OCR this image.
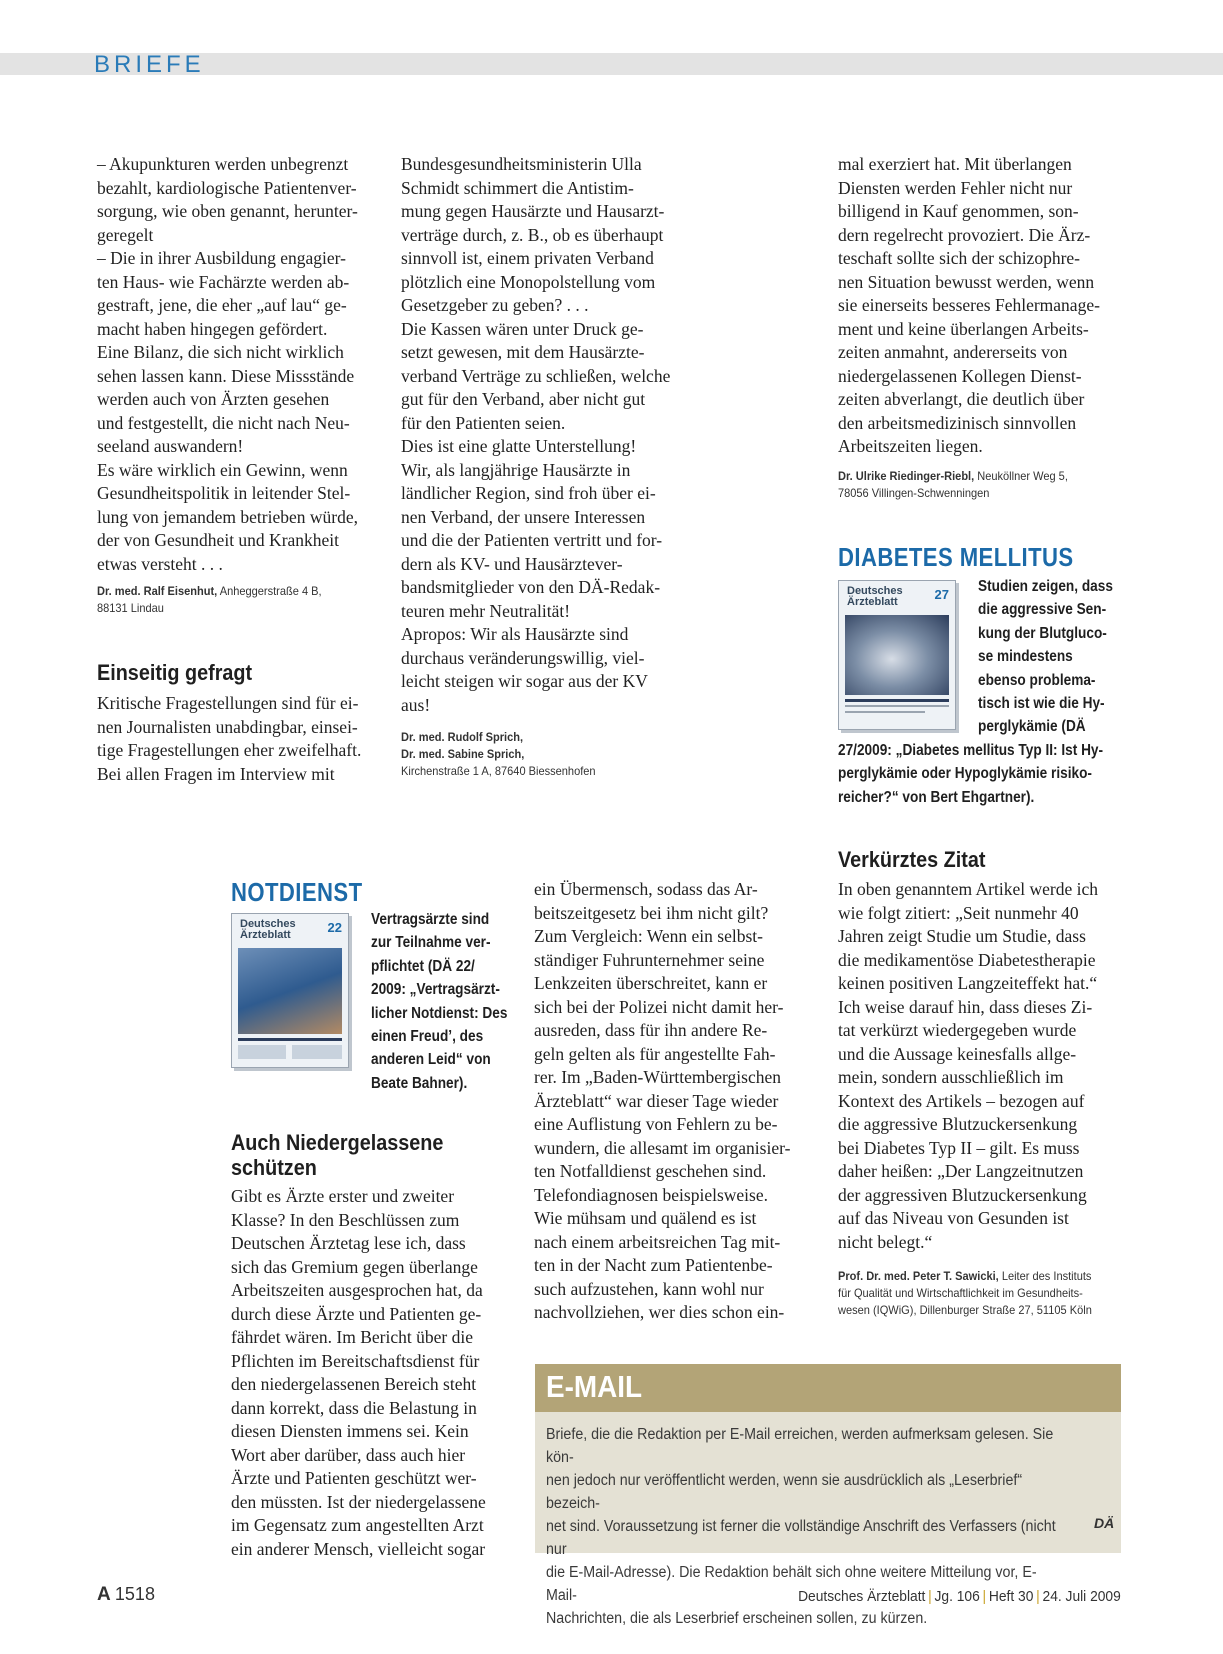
BRIEFE

– Akupunkturen werden unbegrenzt
bezahlt, kardiologische Patientenver-
sorgung, wie oben genannt, herunter-
geregelt
– Die in ihrer Ausbildung engagier-
ten Haus- wie Fachärzte werden ab-
gestraft, jene, die eher „auf lau“ ge-
macht haben hingegen gefördert.
Eine Bilanz, die sich nicht wirklich
sehen lassen kann. Diese Missstände
werden auch von Ärzten gesehen
und festgestellt, die nicht nach Neu-
seeland auswandern!
Es wäre wirklich ein Gewinn, wenn
Gesundheitspolitik in leitender Stel-
lung von jemandem betrieben würde,
der von Gesundheit und Krankheit
etwas versteht . . .

Dr. med. Ralf Eisenhut, Anheggerstraße 4 B,

88131 Lindau

Einseitig gefragt

Kritische Fragestellungen sind für ei-
nen Journalisten unabdingbar, einsei-
tige Fragestellungen eher zweifelhaft.
Bei allen Fragen im Interview mit

Bundesgesundheitsministerin Ulla
Schmidt schimmert die Antistim-
mung gegen Hausärzte und Hausarzt-
verträge durch, z. B., ob es überhaupt
sinnvoll ist, einem privaten Verband
plötzlich eine Monopolstellung vom
Gesetzgeber zu geben? . . .
Die Kassen wären unter Druck ge-
setzt gewesen, mit dem Hausärzte-
verband Verträge zu schließen, welche
gut für den Verband, aber nicht gut
für den Patienten seien.
Dies ist eine glatte Unterstellung!
Wir, als langjährige Hausärzte in
ländlicher Region, sind froh über ei-
nen Verband, der unsere Interessen
und die der Patienten vertritt und for-
dern als KV- und Hausärztever-
bandsmitglieder von den DÄ-Redak-
teuren mehr Neutralität!
Apropos: Wir als Hausärzte sind
durchaus veränderungswillig, viel-
leicht steigen wir sogar aus der KV
aus!

Dr. med. Rudolf Sprich,

Dr. med. Sabine Sprich,

Kirchenstraße 1 A, 87640 Biessenhofen

mal exerziert hat. Mit überlangen
Diensten werden Fehler nicht nur
billigend in Kauf genommen, son-
dern regelrecht provoziert. Die Ärz-
teschaft sollte sich der schizophre-
nen Situation bewusst werden, wenn
sie einerseits besseres Fehlermanage-
ment und keine überlangen Arbeits-
zeiten anmahnt, andererseits von
niedergelassenen Kollegen Dienst-
zeiten abverlangt, die deutlich über
den arbeitsmedizinisch sinnvollen
Arbeitszeiten liegen.

Dr. Ulrike Riedinger-Riebl, Neuköllner Weg 5,

78056 Villingen-Schwenningen

DIABETES MELLITUS
Deutsches
Ärzteblatt	27 Studien zeigen, dass
die aggressive Sen-
kung der Blutgluco-
se mindestens
ebenso problema-
tisch ist wie die Hy-
perglykämie (DÄ

27/2009: „Diabetes mellitus Typ II: Ist Hy-
perglykämie oder Hypoglykämie risiko-
reicher?“ von Bert Ehgartner).

Verkürztes Zitat

In oben genanntem Artikel werde ich
wie folgt zitiert: „Seit nunmehr 40
Jahren zeigt Studie um Studie, dass
die medikamentöse Diabetestherapie
keinen positiven Langzeiteffekt hat.“
Ich weise darauf hin, dass dieses Zi-
tat verkürzt wiedergegeben wurde
und die Aussage keinesfalls allge-
mein, sondern ausschließlich im
Kontext des Artikels – bezogen auf
die aggressive Blutzuckersenkung
bei Diabetes Typ II – gilt. Es muss
daher heißen: „Der Langzeitnutzen
der aggressiven Blutzuckersenkung
auf das Niveau von Gesunden ist
nicht belegt.“

Prof. Dr. med. Peter T. Sawicki, Leiter des Instituts

für Qualität und Wirtschaftlichkeit im Gesundheits-

wesen (IQWiG), Dillenburger Straße 27, 51105 Köln

NOTDIENST
Deutsches
Ärzteblatt	22 Vertragsärzte sind
zur Teilnahme ver-
pflichtet (DÄ 22/
2009: „Vertragsärzt-
licher Notdienst: Des
einen Freud’, des
anderen Leid“ von
Beate Bahner).

Auch Niedergelassene
schützen

Gibt es Ärzte erster und zweiter
Klasse? In den Beschlüssen zum
Deutschen Ärztetag lese ich, dass
sich das Gremium gegen überlange
Arbeitszeiten ausgesprochen hat, da
durch diese Ärzte und Patienten ge-
fährdet wären. Im Bericht über die
Pflichten im Bereitschaftsdienst für
den niedergelassenen Bereich steht
dann korrekt, dass die Belastung in
diesen Diensten immens sei. Kein
Wort aber darüber, dass auch hier
Ärzte und Patienten geschützt wer-
den müssten. Ist der niedergelassene
im Gegensatz zum angestellten Arzt
ein anderer Mensch, vielleicht sogar

ein Übermensch, sodass das Ar-
beitszeitgesetz bei ihm nicht gilt?
Zum Vergleich: Wenn ein selbst-
ständiger Fuhrunternehmer seine
Lenkzeiten überschreitet, kann er
sich bei der Polizei nicht damit her-
ausreden, dass für ihn andere Re-
geln gelten als für angestellte Fah-
rer. Im „Baden-Württembergischen
Ärzteblatt“ war dieser Tage wieder
eine Auflistung von Fehlern zu be-
wundern, die allesamt im organisier-
ten Notfalldienst geschehen sind.
Telefondiagnosen beispielsweise.
Wie mühsam und quälend es ist
nach einem arbeitsreichen Tag mit-
ten in der Nacht zum Patientenbe-
such aufzustehen, kann wohl nur
nachvollziehen, wer dies schon ein-

E-MAIL

Briefe, die die Redaktion per E-Mail erreichen, werden aufmerksam gelesen. Sie kön-
nen jedoch nur veröffentlicht werden, wenn sie ausdrücklich als „Leserbrief“ bezeich-
net sind. Voraussetzung ist ferner die vollständige Anschrift des Verfassers (nicht nur
die E-Mail-Adresse). Die Redaktion behält sich ohne weitere Mitteilung vor, E-Mail-
Nachrichten, die als Leserbrief erscheinen sollen, zu kürzen.

DÄ
A 1518	Deutsches Ärzteblatt | Jg. 106 | Heft 30 | 24. Juli 2009
